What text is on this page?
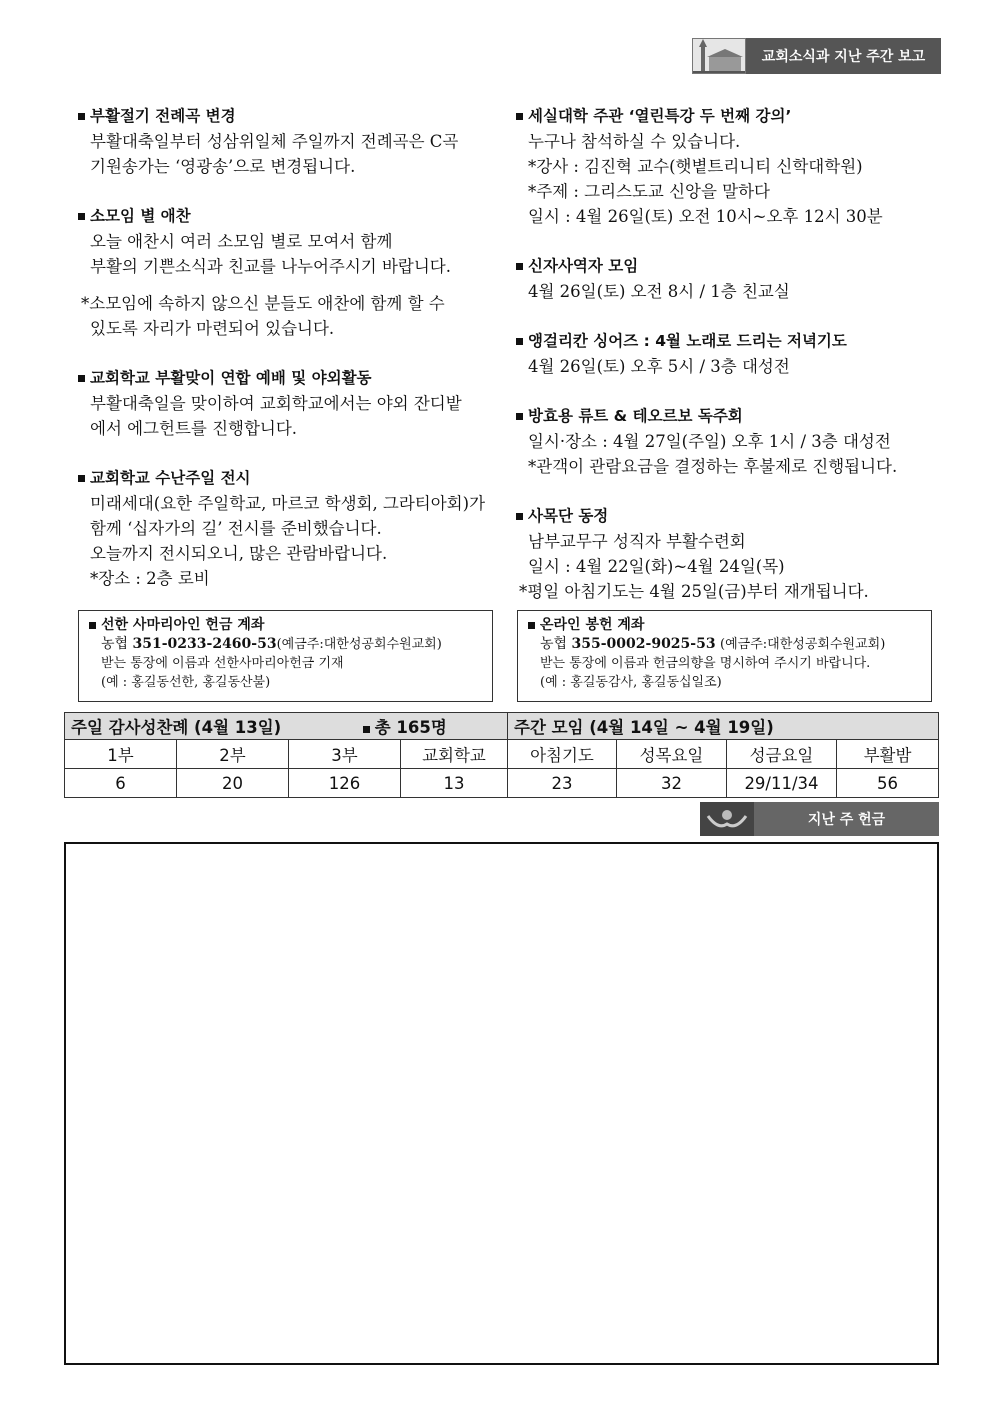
교회소식과 지난 주간 보고
부활절기 전례곡 변경
부활대축일부터 성삼위일체 주일까지 전례곡은 C곡
기원송가는 ‘영광송’으로 변경됩니다.
소모임 별 애찬
오늘 애찬시 여러 소모임 별로 모여서 함께
부활의 기쁜소식과 친교를 나누어주시기 바랍니다.
*소모임에 속하지 않으신 분들도 애찬에 함께 할 수
있도록 자리가 마련되어 있습니다.
교회학교 부활맞이 연합 예배 및 야외활동
부활대축일을 맞이하여 교회학교에서는 야외 잔디밭
에서 에그헌트를 진행합니다.
교회학교 수난주일 전시
미래세대(요한 주일학교, 마르코 학생회, 그라티아회)가
함께 ‘십자가의 길’ 전시를 준비했습니다.
오늘까지 전시되오니, 많은 관람바랍니다.
*장소 : 2층 로비
세실대학 주관 ‘열린특강 두 번째 강의’
누구나 참석하실 수 있습니다.
*강사 : 김진혁 교수(햇볕트리니티 신학대학원)
*주제 : 그리스도교 신앙을 말하다
일시 : 4월 26일(토) 오전 10시~오후 12시 30분
신자사역자 모임
4월 26일(토) 오전 8시 / 1층 친교실
앵걸리칸 싱어즈 : 4월 노래로 드리는 저녁기도
4월 26일(토) 오후 5시 / 3층 대성전
방효용 류트 & 테오르보 독주회
일시·장소 : 4월 27일(주일) 오후 1시 / 3층 대성전
*관객이 관람요금을 결정하는 후불제로 진행됩니다.
사목단 동정
남부교무구 성직자 부활수련회
일시 : 4월 22일(화)~4월 24일(목)
*평일 아침기도는 4월 25일(금)부터 재개됩니다.
선한 사마리아인 헌금 계좌
농협 351-0233-2460-53(예금주:대한성공회수원교회)
받는 통장에 이름과 선한사마리아헌금 기재
(예 : 홍길동선한, 홍길동산불)
온라인 봉헌 계좌
농협 355-0002-9025-53 (예금주:대한성공회수원교회)
받는 통장에 이름과 헌금의향을 명시하여 주시기 바랍니다.
(예 : 홍길동감사, 홍길동십일조)
주일 감사성찬례 (4월 13일) 총 165명				주간 모임 (4월 14일 ~ 4월 19일)			
1부	2부	3부	교회학교	아침기도	성목요일	성금요일	부활밤
6	20	126	13	23	32	29/11/34	56
지난 주 헌금
